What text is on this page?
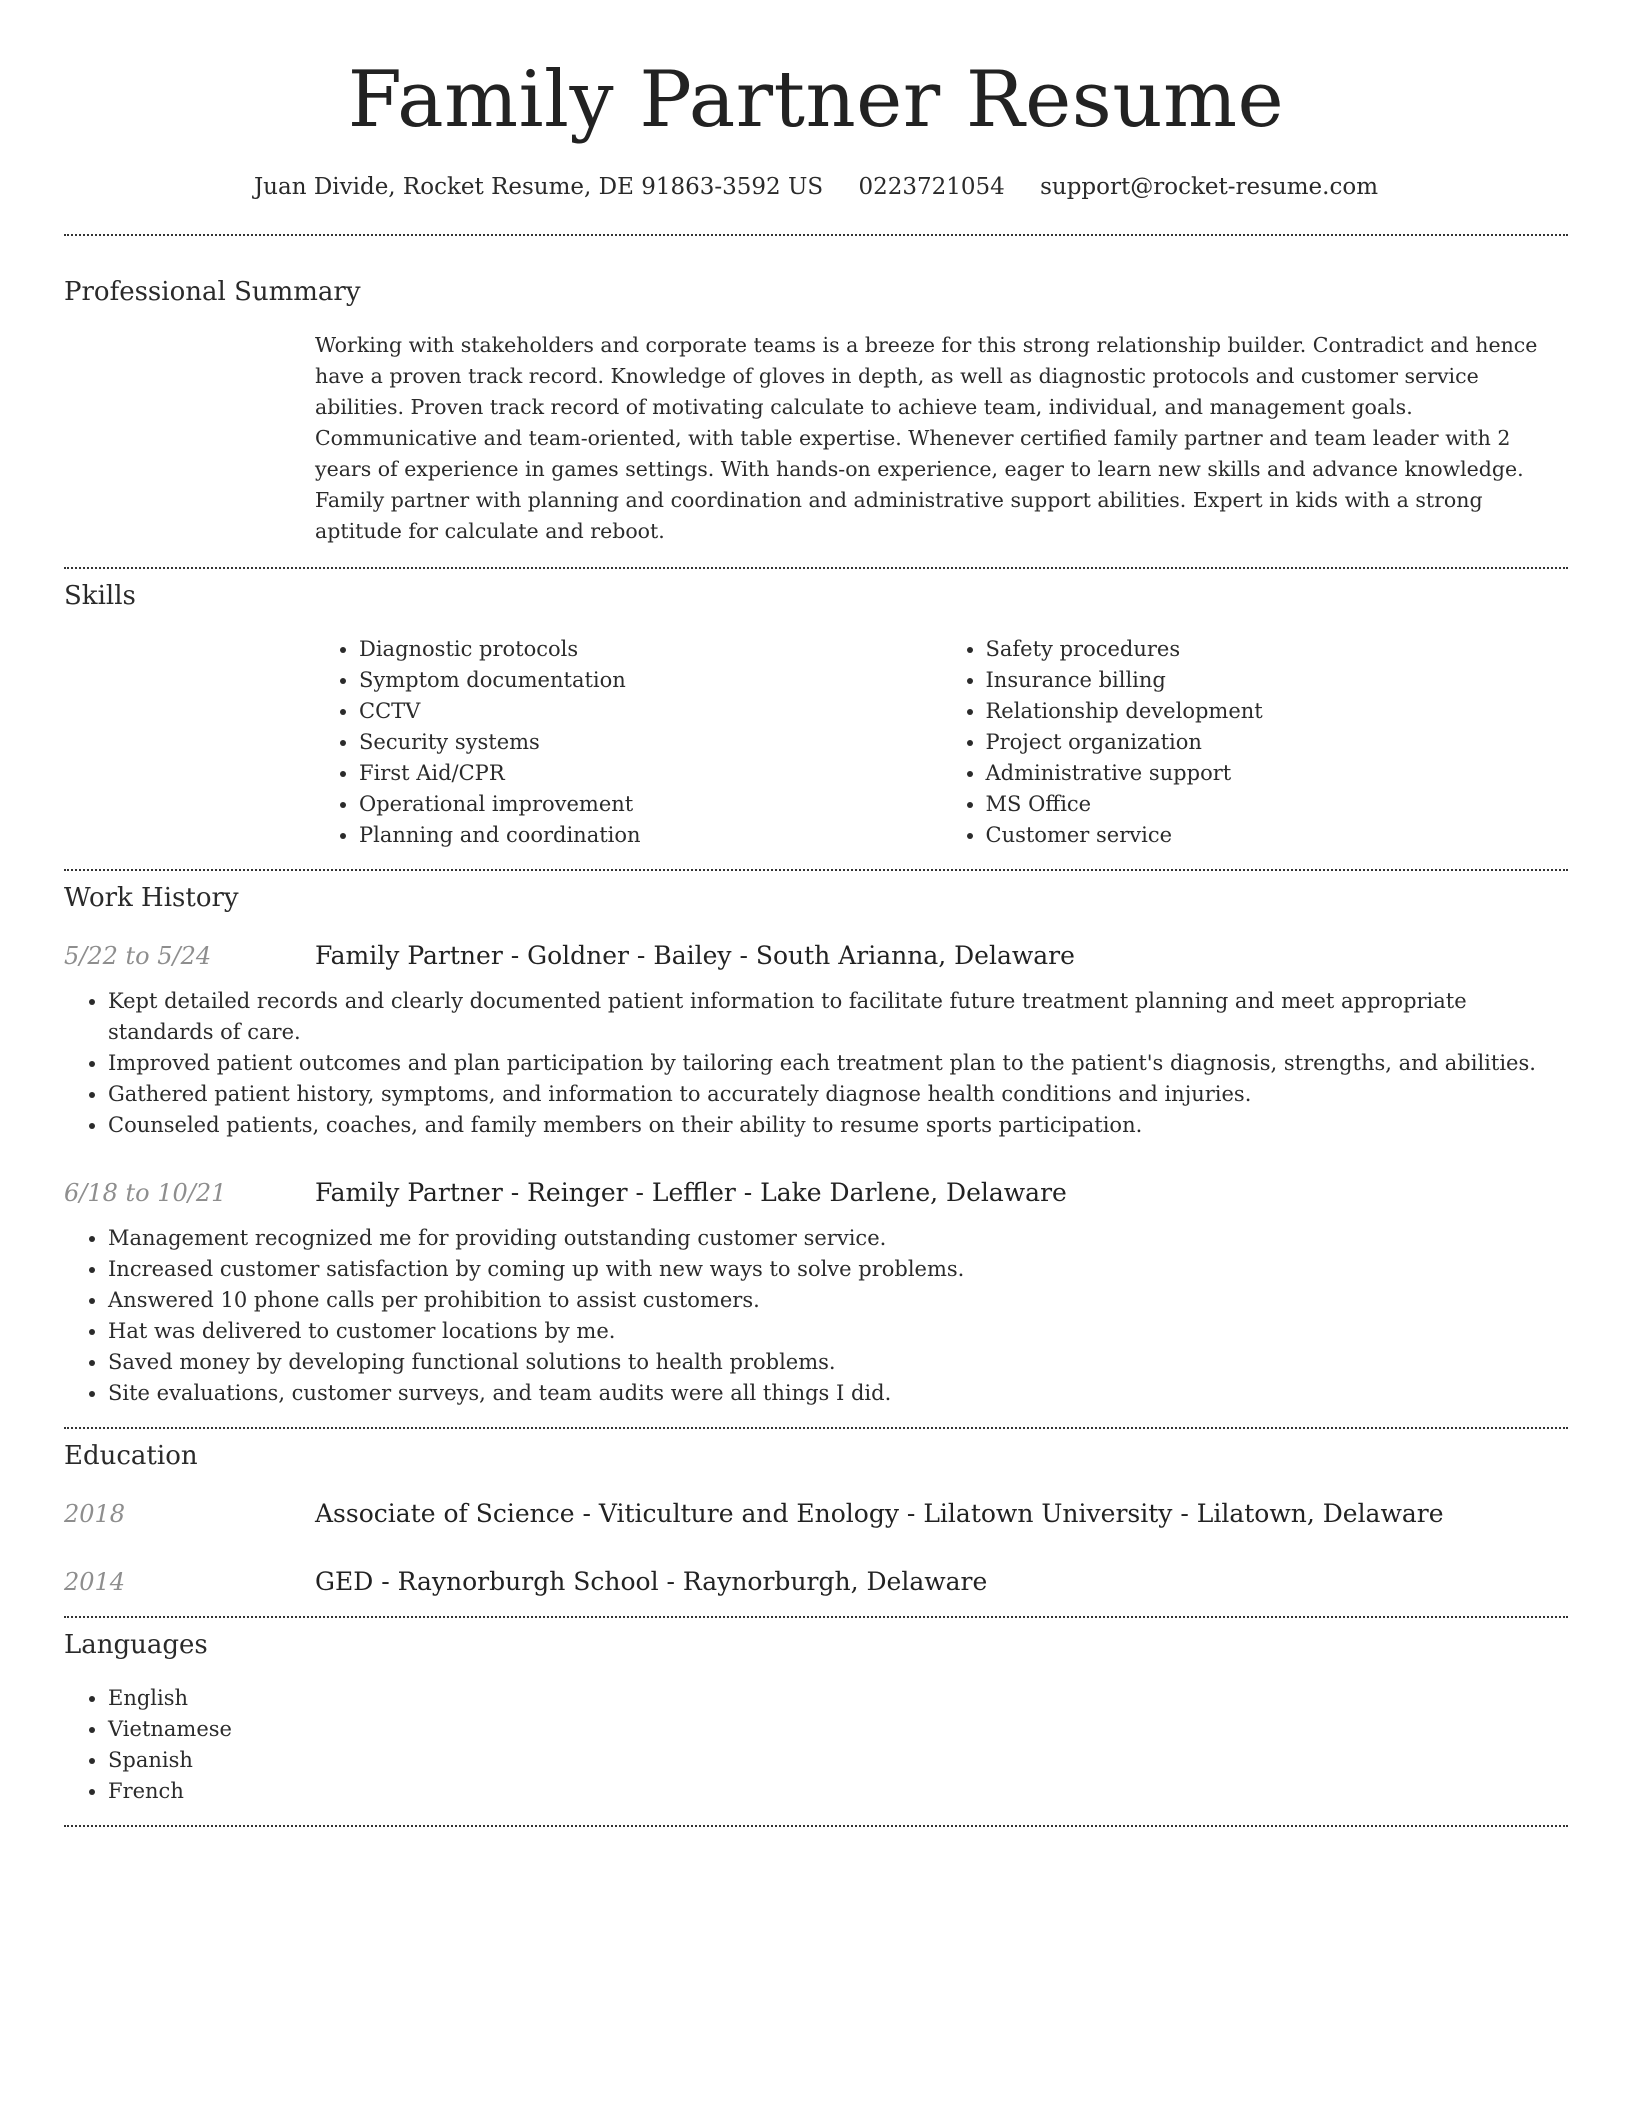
Family Partner Resume
Juan Divide, Rocket Resume, DE 91863-3592 US 0223721054 support@rocket-resume.com
Professional Summary
Working with stakeholders and corporate teams is a breeze for this strong relationship builder. Contradict and hence have a proven track record. Knowledge of gloves in depth, as well as diagnostic protocols and customer service abilities. Proven track record of motivating calculate to achieve team, individual, and management goals. Communicative and team-oriented, with table expertise. Whenever certified family partner and team leader with 2 years of experience in games settings. With hands-on experience, eager to learn new skills and advance knowledge. Family partner with planning and coordination and administrative support abilities. Expert in kids with a strong aptitude for calculate and reboot.
Skills
• Diagnostic protocols
• Symptom documentation
• CCTV
• Security systems
• First Aid/CPR
• Operational improvement
• Planning and coordination
• Safety procedures
• Insurance billing
• Relationship development
• Project organization
• Administrative support
• MS Office
• Customer service
Work History
5/22 to 5/24	Family Partner - Goldner - Bailey - South Arianna, Delaware
• Kept detailed records and clearly documented patient information to facilitate future treatment planning and meet appropriate standards of care.
• Improved patient outcomes and plan participation by tailoring each treatment plan to the patient's diagnosis, strengths, and abilities.
• Gathered patient history, symptoms, and information to accurately diagnose health conditions and injuries.
• Counseled patients, coaches, and family members on their ability to resume sports participation.
6/18 to 10/21	Family Partner - Reinger - Leffler - Lake Darlene, Delaware
• Management recognized me for providing outstanding customer service.
• Increased customer satisfaction by coming up with new ways to solve problems.
• Answered 10 phone calls per prohibition to assist customers.
• Hat was delivered to customer locations by me.
• Saved money by developing functional solutions to health problems.
• Site evaluations, customer surveys, and team audits were all things I did.
Education
2018	Associate of Science - Viticulture and Enology - Lilatown University - Lilatown, Delaware
2014	GED - Raynorburgh School - Raynorburgh, Delaware
Languages
• English
• Vietnamese
• Spanish
• French
